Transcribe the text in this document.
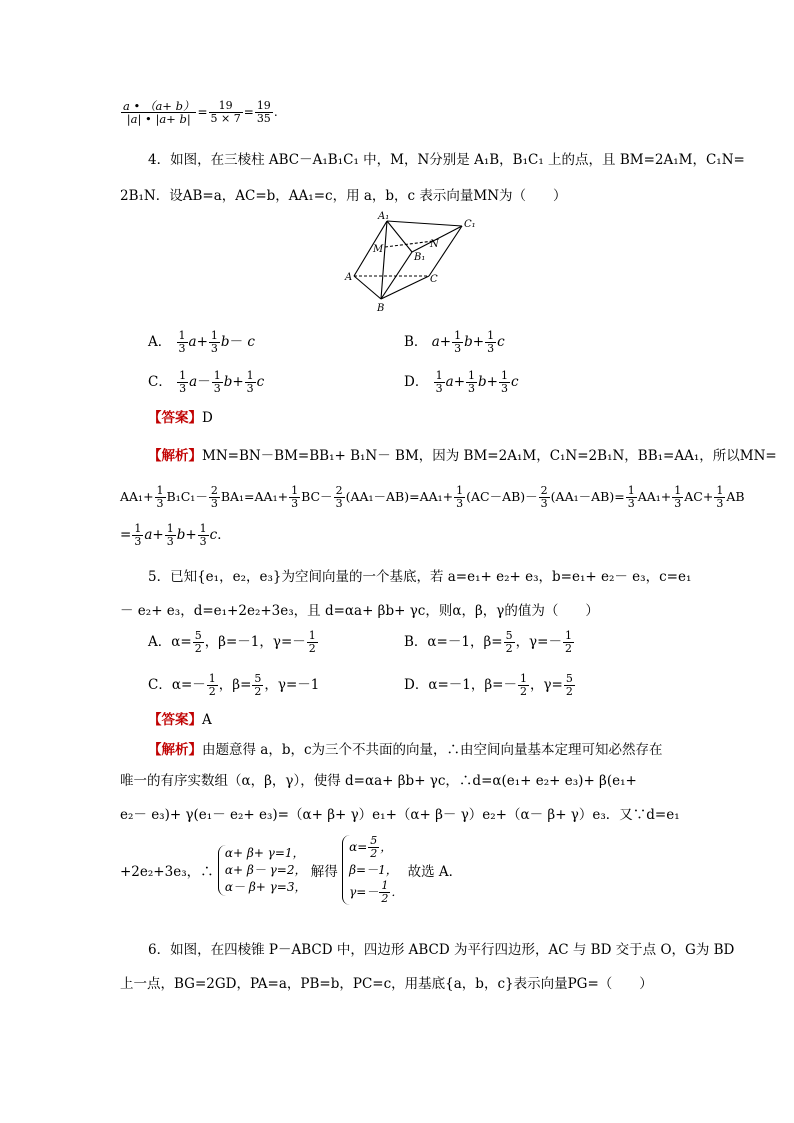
$\frac{a • (a+ b)}{|a| • |a+ b|} = \frac{19}{5 \times 7} = \frac{19}{35}$ .
4．如图，在三棱柱 ABC－A₁B₁C₁ 中，M，N分别是 A₁B，B₁C₁ 上的点，且 BM=2A₁M，C₁N=
2B₁N．设AB=a，AC=b，AA₁=c，用 a，b，c 表示向量MN为（　　）
A₁
C₁
M	N
B₁
A	C
B
A． $\frac{1}{3} a+ \frac{1}{3} b- c$	B． $a+ \frac{1}{3} b+ \frac{1}{3}$ c
C． $\frac{1}{3} a- \frac{1}{3} b+ \frac{1}{3}$ c	D． $\frac{1}{3} a+ \frac{1}{3} b+ \frac{1}{3}$ c
【答案】D
【解析】MN=BN－BM=BB₁+ B₁N－ BM，因为 BM=2A₁M，C₁N=2B₁N，BB₁=AA₁，所以MN=
$AA_1+ \frac{1}{3} B_1C_1- \frac{2}{3} BA_1=AA_1+ \frac{1}{3} BC- \frac{2}{3} (AA_1-AB)=AA_1+ \frac{1}{3} (AC-AB)- \frac{2}{3} (AA_1-AB)= \frac{1}{3} AA_1+ \frac{1}{3} AC+ \frac{1}{3}$ AB
= $\frac{1}{3} a+ \frac{1}{3} b+ \frac{1}{3}$ c．
5．已知{e₁，e₂，e₃}为空间向量的一个基底，若 a=e₁+ e₂+ e₃，b=e₁+ e₂－ e₃，c=e₁
－ e₂+ e₃，d=e₁+2e₂+3e₃，且 d=αa+ βb+ γc，则α，β，γ的值为（　　）
A．$\alpha= \frac{5}{2}$ ，β=－1，$\gamma=- \frac{1}{2}$	B．α=－1，$\beta= \frac{5}{2}$ ，$\gamma=- \frac{1}{2}$
C．$\alpha=- \frac{1}{2}$ ，$\beta= \frac{5}{2}$ ，γ=－1	D．α=－1，$\beta=- \frac{1}{2}$ ，$\gamma= \frac{5}{2}$
【答案】A
【解析】由题意得 a，b，c为三个不共面的向量，∴由空间向量基本定理可知必然存在
唯一的有序实数组（α，β，γ），使得 d=αa+ βb+ γc，∴d=α(e₁+ e₂+ e₃)+ β(e₁+
e₂－ e₃)+ γ(e₁－ e₂+ e₃)=（α+ β+ γ）e₁+（α+ β－ γ）e₂+（α－ β+ γ）e₃．又∵d=e₁
+2e₂+3e₃，∴
α+ β+ γ=1，
α+ β－ γ=2，
α－ β+ γ=3，
解得
$\alpha= \frac{5}{2}$ ，
β=－1，
$\gamma=- \frac{1}{2}$ ．
故选 A．
6．如图，在四棱锥 P－ABCD 中，四边形 ABCD 为平行四边形，AC 与 BD 交于点 O，G为 BD
上一点，BG=2GD，PA=a，PB=b，PC=c，用基底{a，b，c}表示向量PG=（　　）
